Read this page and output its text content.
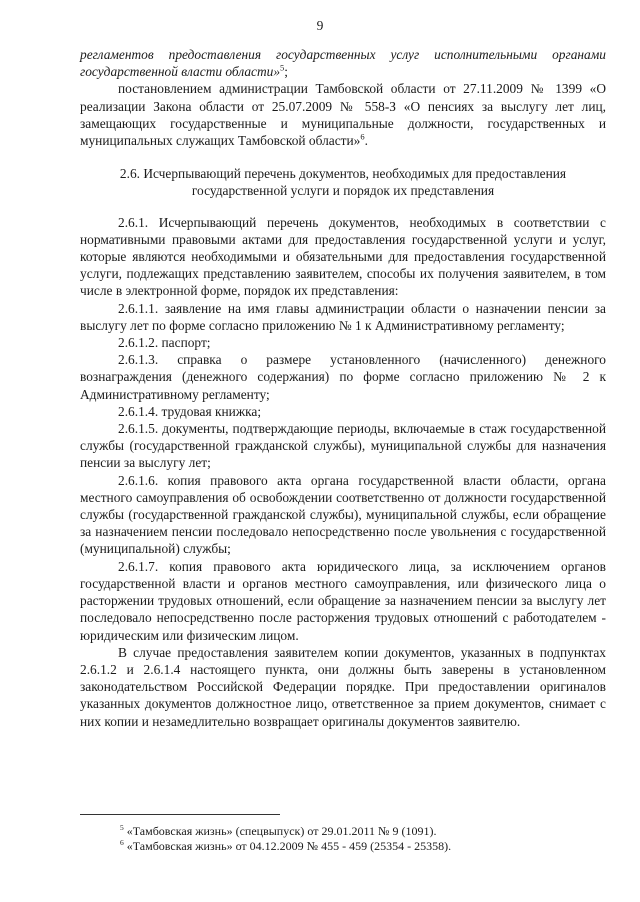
9

регламентов предоставления государственных услуг исполнительными органами государственной власти области»$^5$;

постановлением администрации Тамбовской области от 27.11.2009 № 1399 «О реализации Закона области от 25.07.2009 № 558-З «О пенсиях за выслугу лет лиц, замещающих государственные и муниципальные должности, государственных и муниципальных служащих Тамбовской области»$^6$.

2.6. Исчерпывающий перечень документов, необходимых для предоставления государственной услуги и порядок их представления

2.6.1. Исчерпывающий перечень документов, необходимых в соответствии с нормативными правовыми актами для предоставления государственной услуги и услуг, которые являются необходимыми и обязательными для предоставления государственной услуги, подлежащих представлению заявителем, способы их получения заявителем, в том числе в электронной форме, порядок их представления:

2.6.1.1. заявление на имя главы администрации области о назначении пенсии за выслугу лет по форме согласно приложению № 1 к Административному регламенту;

2.6.1.2. паспорт;

2.6.1.3. справка о размере установленного (начисленного) денежного вознаграждения (денежного содержания) по форме согласно приложению № 2 к Административному регламенту;

2.6.1.4. трудовая книжка;

2.6.1.5. документы, подтверждающие периоды, включаемые в стаж государственной службы (государственной гражданской службы), муниципальной службы для назначения пенсии за выслугу лет;

2.6.1.6. копия правового акта органа государственной власти области, органа местного самоуправления об освобождении соответственно от должности государственной службы (государственной гражданской службы), муниципальной службы, если обращение за назначением пенсии последовало непосредственно после увольнения с государственной (муниципальной) службы;

2.6.1.7. копия правового акта юридического лица, за исключением органов государственной власти и органов местного самоуправления, или физического лица о расторжении трудовых отношений, если обращение за назначением пенсии за выслугу лет последовало непосредственно после расторжения трудовых отношений с работодателем - юридическим или физическим лицом.

В случае предоставления заявителем копии документов, указанных в подпунктах 2.6.1.2 и 2.6.1.4 настоящего пункта, они должны быть заверены в установленном законодательством Российской Федерации порядке. При предоставлении оригиналов указанных документов должностное лицо, ответственное за прием документов, снимает с них копии и незамедлительно возвращает оригиналы документов заявителю.

$^5$ «Тамбовская жизнь» (спецвыпуск) от 29.01.2011 № 9 (1091).

$^6$ «Тамбовская жизнь» от 04.12.2009 № 455 - 459 (25354 - 25358).
